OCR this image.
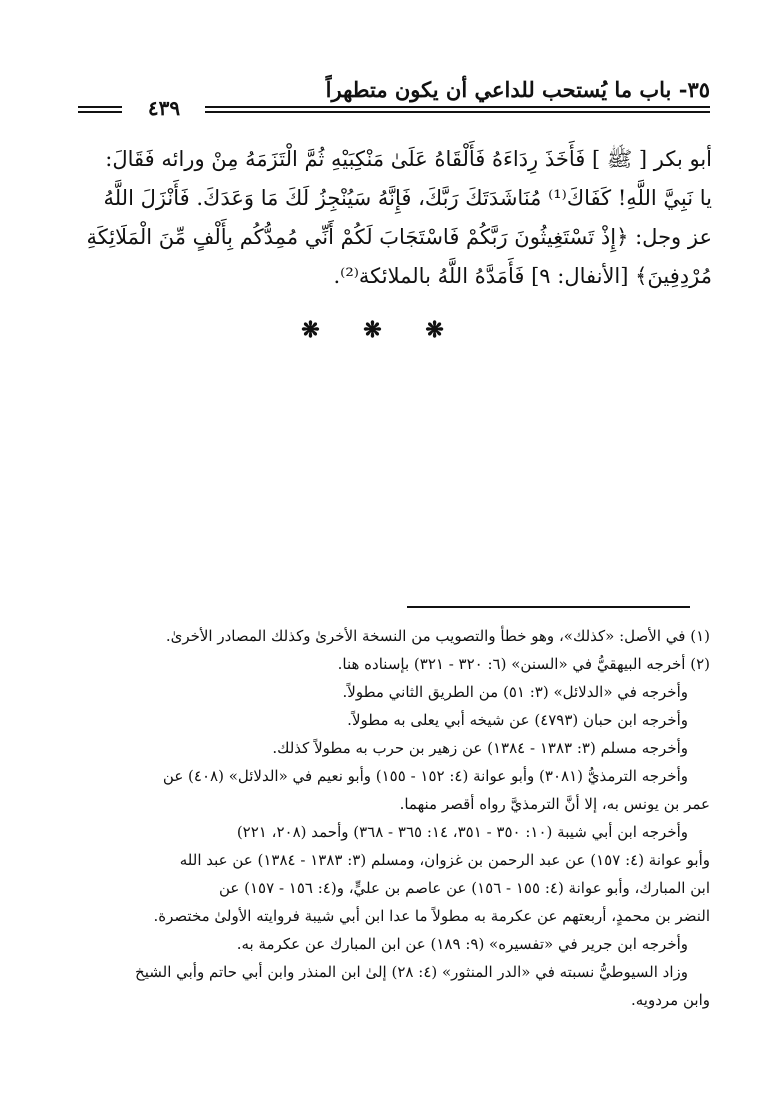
٣٥- باب ما يُستحب للداعي أن يكون متطهراً
٤٣٩

أبو بكر [ ﷺ ] فَأَخَذَ رِدَاءَهُ فَأَلْقَاهُ عَلَىٰ مَنْكِبَيْهِ ثُمَّ الْتَزَمَهُ مِنْ ورائه فَقَالَ:

يا نَبِيَّ اللَّهِ! كَفَاكَ⁽¹⁾ مُنَاشَدَتَكَ رَبَّكَ، فَإِنَّهُ سَيُنْجِزُ لَكَ مَا وَعَدَكَ. فَأَنْزَلَ اللَّهُ

عز وجل: ﴿إِذْ تَسْتَغِيثُونَ رَبَّكُمْ فَاسْتَجَابَ لَكُمْ أَنِّي مُمِدُّكُم بِأَلْفٍ مِّنَ الْمَلَائِكَةِ

مُرْدِفِينَ﴾ [الأنفال: ٩] فَأَمَدَّهُ اللَّهُ بالملائكة⁽²⁾.

❋ ❋ ❋

(١) في الأصل: «كذلك»، وهو خطأ والتصويب من النسخة الأخرىٰ وكذلك المصادر الأخرىٰ.

(٢) أخرجه البيهقيُّ في «السنن» (٦: ٣٢٠ - ٣٢١) بإسناده هنا.

وأخرجه في «الدلائل» (٣: ٥١) من الطريق الثاني مطولاً.

وأخرجه ابن حبان (٤٧٩٣) عن شيخه أبي يعلى به مطولاً.

وأخرجه مسلم (٣: ١٣٨٣ - ١٣٨٤) عن زهير بن حرب به مطولاً كذلك.

وأخرجه الترمذيُّ (٣٠٨١) وأبو عوانة (٤: ١٥٢ - ١٥٥) وأبو نعيم في «الدلائل» (٤٠٨) عن

عمر بن يونس به، إلا أنَّ الترمذيَّ رواه أقصر منهما.

وأخرجه ابن أبي شيبة (١٠: ٣٥٠ - ٣٥١، ١٤: ٣٦٥ - ٣٦٨) وأحمد (٢٠٨، ٢٢١)

وأبو عوانة (٤: ١٥٧) عن عبد الرحمن بن غزوان، ومسلم (٣: ١٣٨٣ - ١٣٨٤) عن عبد الله

ابن المبارك، وأبو عوانة (٤: ١٥٥ - ١٥٦) عن عاصم بن عليٍّ، و(٤: ١٥٦ - ١٥٧) عن

النضر بن محمدٍ، أربعتهم عن عكرمة به مطولاً ما عدا ابن أبي شيبة فروايته الأولىٰ مختصرة.

وأخرجه ابن جرير في «تفسيره» (٩: ١٨٩) عن ابن المبارك عن عكرمة به.

وزاد السيوطيُّ نسبته في «الدر المنثور» (٤: ٢٨) إلىٰ ابن المنذر وابن أبي حاتم وأبي الشيخ

وابن مردويه.
